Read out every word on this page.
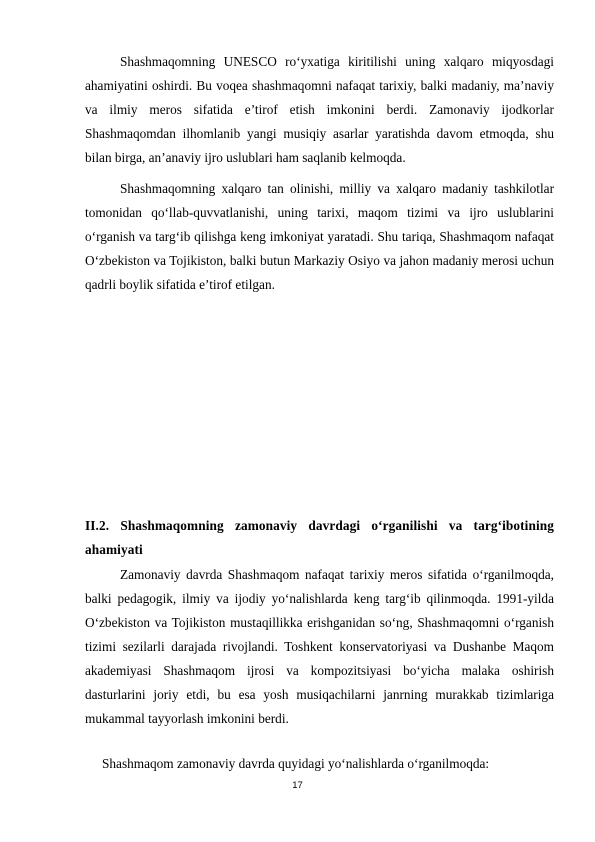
Shashmaqomning UNESCO ro‘yxatiga kiritilishi uning xalqaro miqyosdagi ahamiyatini oshirdi. Bu voqea shashmaqomni nafaqat tarixiy, balki madaniy, ma’naviy va ilmiy meros sifatida e’tirof etish imkonini berdi. Zamonaviy ijodkorlar Shashmaqomdan ilhomlanib yangi musiqiy asarlar yaratishda davom etmoqda, shu bilan birga, an’anaviy ijro uslublari ham saqlanib kelmoqda.

Shashmaqomning xalqaro tan olinishi, milliy va xalqaro madaniy tashkilotlar tomonidan qo‘llab-quvvatlanishi, uning tarixi, maqom tizimi va ijro uslublarini o‘rganish va targ‘ib qilishga keng imkoniyat yaratadi. Shu tariqa, Shashmaqom nafaqat O‘zbekiston va Tojikiston, balki butun Markaziy Osiyo va jahon madaniy merosi uchun qadrli boylik sifatida e’tirof etilgan.

II.2. Shashmaqomning zamonaviy davrdagi o‘rganilishi va targ‘ibotining ahamiyati

Zamonaviy davrda Shashmaqom nafaqat tarixiy meros sifatida o‘rganilmoqda, balki pedagogik, ilmiy va ijodiy yo‘nalishlarda keng targ‘ib qilinmoqda. 1991-yilda O‘zbekiston va Tojikiston mustaqillikka erishganidan so‘ng, Shashmaqomni o‘rganish tizimi sezilarli darajada rivojlandi. Toshkent konservatoriyasi va Dushanbe Maqom akademiyasi Shashmaqom ijrosi va kompozitsiyasi bo‘yicha malaka oshirish dasturlarini joriy etdi, bu esa yosh musiqachilarni janrning murakkab tizimlariga mukammal tayyorlash imkonini berdi.

Shashmaqom zamonaviy davrda quyidagi yo‘nalishlarda o‘rganilmoqda:

17
